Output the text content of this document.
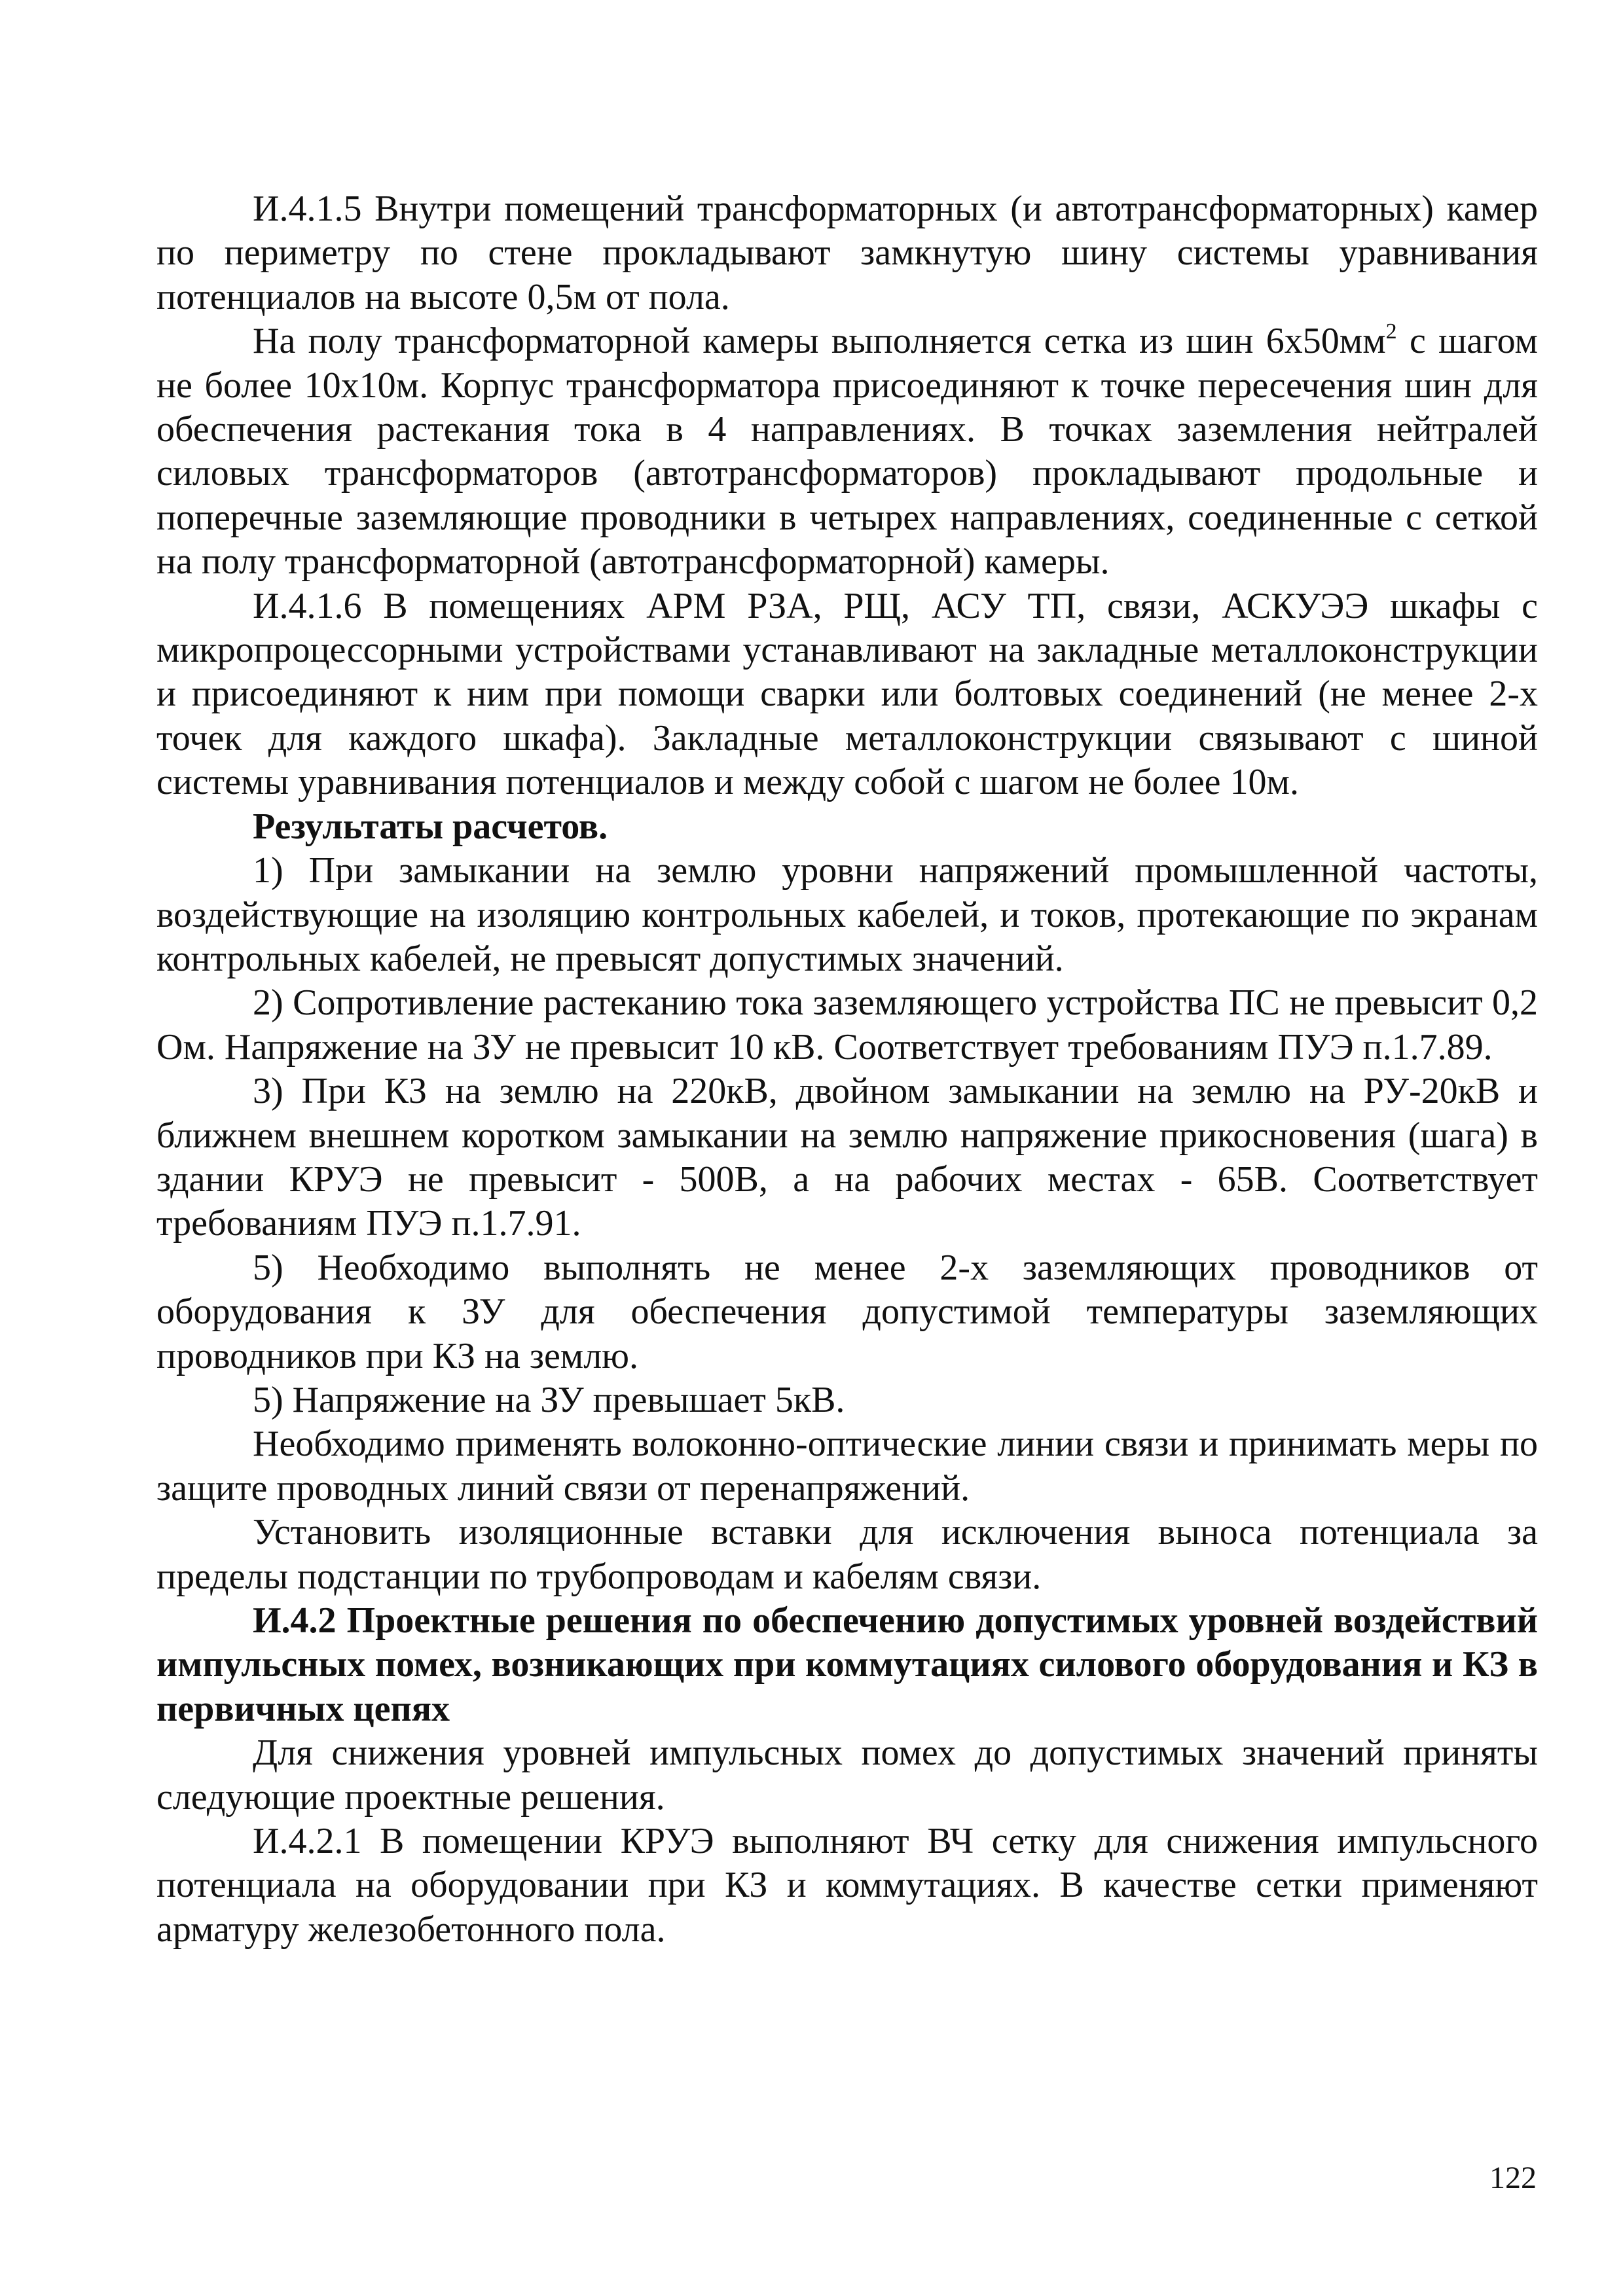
И.4.1.5 Внутри помещений трансформаторных (и автотрансформаторных) камер по периметру по стене прокладывают замкнутую шину системы уравнивания потенциалов на высоте 0,5м от пола.

На полу трансформаторной камеры выполняется сетка из шин $6х50мм^2$ с шагом не более 10х10м. Корпус трансформатора присоединяют к точке пересечения шин для обеспечения растекания тока в 4 направлениях. В точках заземления нейтралей силовых трансформаторов (автотрансформаторов) прокладывают продольные и поперечные заземляющие проводники в четырех направлениях, соединенные с сеткой на полу трансформаторной (автотрансформаторной) камеры.

И.4.1.6 В помещениях АРМ РЗА, РЩ, АСУ ТП, связи, АСКУЭЭ шкафы с микропроцессорными устройствами устанавливают на закладные металлоконструкции и присоединяют к ним при помощи сварки или болтовых соединений (не менее 2-х точек для каждого шкафа). Закладные металлоконструкции связывают с шиной системы уравнивания потенциалов и между собой с шагом не более 10м.

Результаты расчетов.

1) При замыкании на землю уровни напряжений промышленной частоты, воздействующие на изоляцию контрольных кабелей, и токов, протекающие по экранам контрольных кабелей, не превысят допустимых значений.

2) Сопротивление растеканию тока заземляющего устройства ПС не превысит 0,2 Ом. Напряжение на ЗУ не превысит 10 кВ. Соответствует требованиям ПУЭ п.1.7.89.

3) При КЗ на землю на 220кВ, двойном замыкании на землю на РУ-20кВ и ближнем внешнем коротком замыкании на землю напряжение прикосновения (шага) в здании КРУЭ не превысит - 500В, а на рабочих местах - 65В. Соответствует требованиям ПУЭ п.1.7.91.

5) Необходимо выполнять не менее 2-х заземляющих проводников от оборудования к ЗУ для обеспечения допустимой температуры заземляющих проводников при КЗ на землю.

5) Напряжение на ЗУ превышает 5кВ.

Необходимо применять волоконно-оптические линии связи и принимать меры по защите проводных линий связи от перенапряжений.

Установить изоляционные вставки для исключения выноса потенциала за пределы подстанции по трубопроводам и кабелям связи.

И.4.2 Проектные решения по обеспечению допустимых уровней воздействий импульсных помех, возникающих при коммутациях силового оборудования и КЗ в первичных цепях

Для снижения уровней импульсных помех до допустимых значений приняты следующие проектные решения.

И.4.2.1 В помещении КРУЭ выполняют ВЧ сетку для снижения импульсного потенциала на оборудовании при КЗ и коммутациях. В качестве сетки применяют арматуру железобетонного пола.

122
